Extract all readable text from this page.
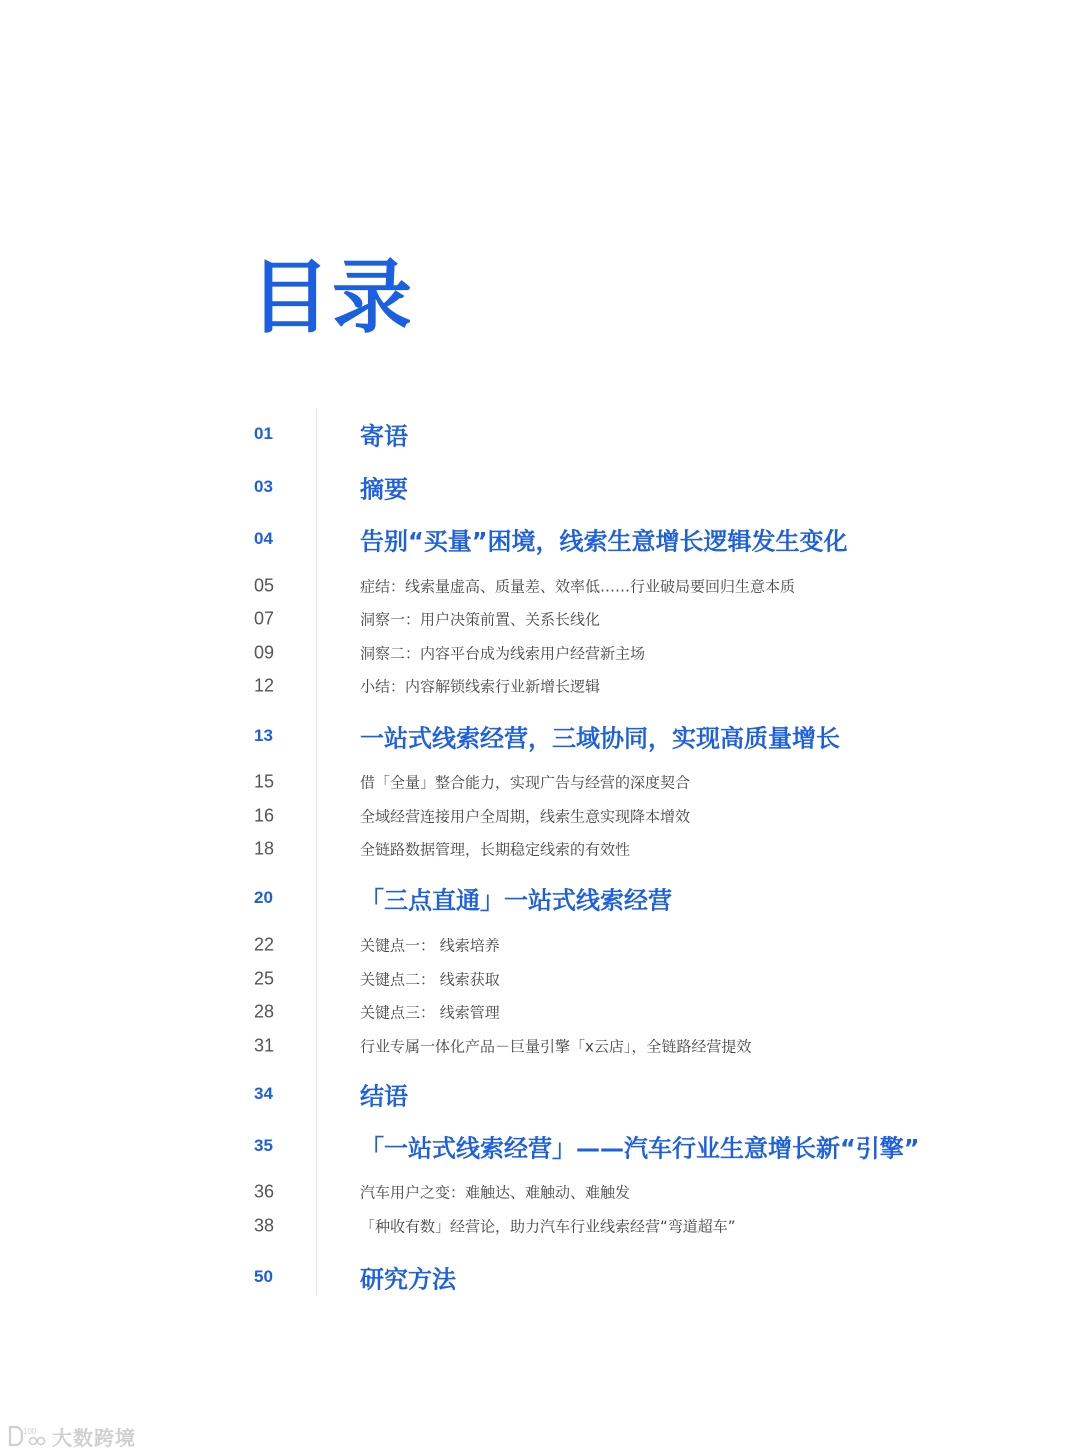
目录
01	寄语
03	摘要
04	告别“买量”困境，线索生意增长逻辑发生变化
05	症结：线索量虚高、质量差、效率低……行业破局要回归生意本质
07	洞察一：用户决策前置、关系长线化
09	洞察二：内容平台成为线索用户经营新主场
12	小结：内容解锁线索行业新增长逻辑
13	一站式线索经营，三域协同，实现高质量增长
15	借「全量」整合能力，实现广告与经营的深度契合
16	全域经营连接用户全周期，线索生意实现降本增效
18	全链路数据管理，长期稳定线索的有效性
20	「三点直通」一站式线索经营
22	关键点一： 线索培养
25	关键点二： 线索获取
28	关键点三： 线索管理
31	行业专属一体化产品－巨量引擎「x云店」，全链路经营提效
34	结语
35	「一站式线索经营」——汽车行业生意增长新“引擎”
36	汽车用户之变：难触达、难触动、难触发
38	「种收有数」经营论，助力汽车行业线索经营“弯道超车”
50	研究方法
100 大数跨境
